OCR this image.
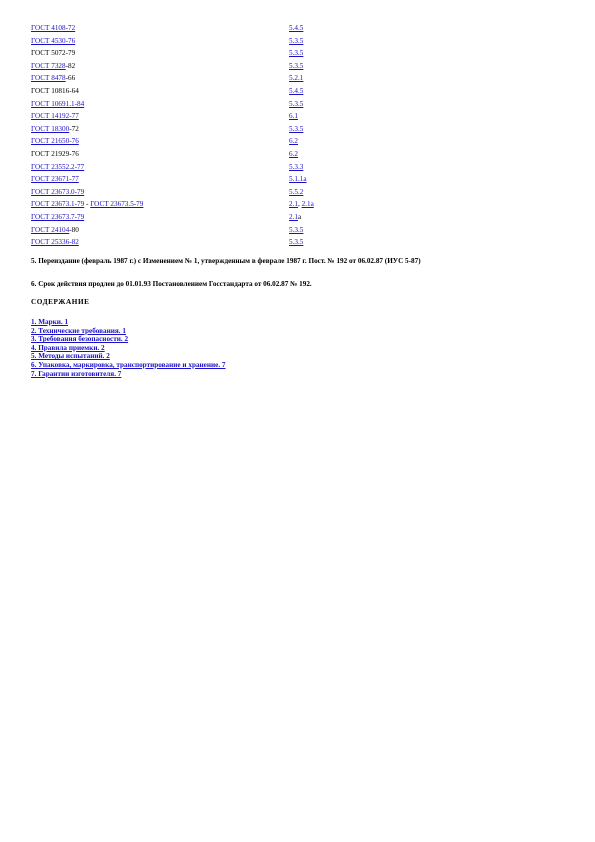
ГОСТ 4108-72	5.4.5
ГОСТ 4530-76	5.3.5
ГОСТ 5072-79	5.3.5
ГОСТ 7328-82	5.3.5
ГОСТ 8478-66	5.2.1
ГОСТ 10816-64	5.4.5
ГОСТ 10691.1-84	5.3.5
ГОСТ 14192-77	6.1
ГОСТ 18300-72	5.3.5
ГОСТ 21650-76	6.2
ГОСТ 21929-76	6.2
ГОСТ 23552.2-77	5.3.3
ГОСТ 23671-77	5.1.1а
ГОСТ 23673.0-79	5.5.2
ГОСТ 23673.1-79 - ГОСТ 23673.5-79	2.1, 2.1а
ГОСТ 23673.7-79	2.1а
ГОСТ 24104-80	5.3.5
ГОСТ 25336-82	5.3.5
5. Переиздание (февраль 1987 г.) с Изменением № 1, утвержденным в феврале 1987 г. Пост. № 192 от 06.02.87 (ИУС 5-87)
6. Срок действия продлен до 01.01.93 Постановлением Госстандарта от 06.02.87 № 192.
СОДЕРЖАНИЕ
1. Марки. 1
2. Технические требования. 1
3. Требования безопасности. 2
4. Правила приемки. 2
5. Методы испытаний. 2
6. Упаковка, маркировка, транспортирование и хранение. 7
7. Гарантии изготовителя. 7
